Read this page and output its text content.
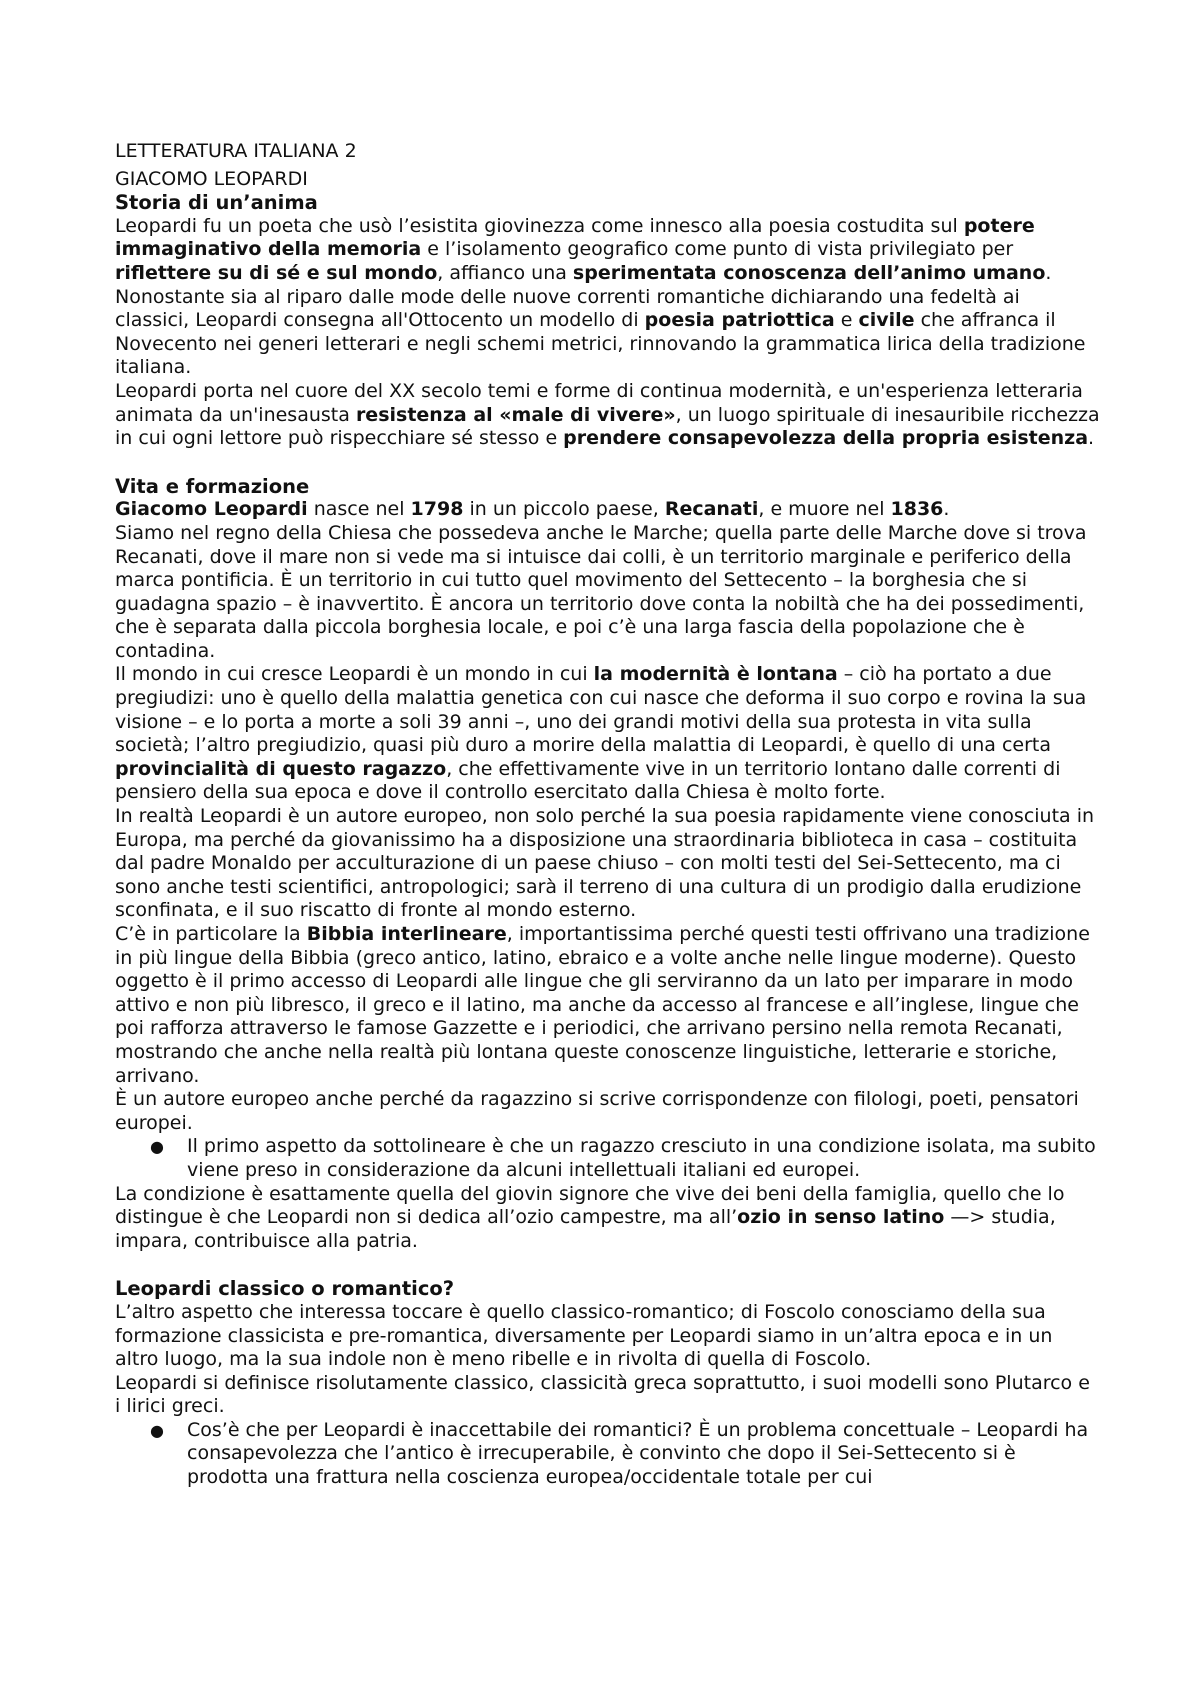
LETTERATURA ITALIANA 2

GIACOMO LEOPARDI

Storia di un’anima

Leopardi fu un poeta che usò l’esistita giovinezza come innesco alla poesia costudita sul potere immaginativo della memoria e l’isolamento geografico come punto di vista privilegiato per riflettere su di sé e sul mondo, affianco una sperimentata conoscenza dell’animo umano.

Nonostante sia al riparo dalle mode delle nuove correnti romantiche dichiarando una fedeltà ai classici, Leopardi consegna all'Ottocento un modello di poesia patriottica e civile che affranca il Novecento nei generi letterari e negli schemi metrici, rinnovando la grammatica lirica della tradizione italiana.

Leopardi porta nel cuore del XX secolo temi e forme di continua modernità, e un'esperienza letteraria animata da un'inesausta resistenza al «male di vivere», un luogo spirituale di inesauribile ricchezza in cui ogni lettore può rispecchiare sé stesso e prendere consapevolezza della propria esistenza.

Vita e formazione

Giacomo Leopardi nasce nel 1798 in un piccolo paese, Recanati, e muore nel 1836.

Siamo nel regno della Chiesa che possedeva anche le Marche; quella parte delle Marche dove si trova Recanati, dove il mare non si vede ma si intuisce dai colli, è un territorio marginale e periferico della marca pontificia. È un territorio in cui tutto quel movimento del Settecento – la borghesia che si guadagna spazio – è inavvertito. È ancora un territorio dove conta la nobiltà che ha dei possedimenti, che è separata dalla piccola borghesia locale, e poi c’è una larga fascia della popolazione che è contadina.

Il mondo in cui cresce Leopardi è un mondo in cui la modernità è lontana – ciò ha portato a due pregiudizi: uno è quello della malattia genetica con cui nasce che deforma il suo corpo e rovina la sua visione – e lo porta a morte a soli 39 anni –, uno dei grandi motivi della sua protesta in vita sulla società; l’altro pregiudizio, quasi più duro a morire della malattia di Leopardi, è quello di una certa provincialità di questo ragazzo, che effettivamente vive in un territorio lontano dalle correnti di pensiero della sua epoca e dove il controllo esercitato dalla Chiesa è molto forte.

In realtà Leopardi è un autore europeo, non solo perché la sua poesia rapidamente viene conosciuta in Europa, ma perché da giovanissimo ha a disposizione una straordinaria biblioteca in casa – costituita dal padre Monaldo per acculturazione di un paese chiuso – con molti testi del Sei-Settecento, ma ci sono anche testi scientifici, antropologici; sarà il terreno di una cultura di un prodigio dalla erudizione sconfinata, e il suo riscatto di fronte al mondo esterno.

C’è in particolare la Bibbia interlineare, importantissima perché questi testi offrivano una tradizione in più lingue della Bibbia (greco antico, latino, ebraico e a volte anche nelle lingue moderne). Questo oggetto è il primo accesso di Leopardi alle lingue che gli serviranno da un lato per imparare in modo attivo e non più libresco, il greco e il latino, ma anche da accesso al francese e all’inglese, lingue che poi rafforza attraverso le famose Gazzette e i periodici, che arrivano persino nella remota Recanati, mostrando che anche nella realtà più lontana queste conoscenze linguistiche, letterarie e storiche, arrivano.

È un autore europeo anche perché da ragazzino si scrive corrispondenze con filologi, poeti, pensatori europei.

● Il primo aspetto da sottolineare è che un ragazzo cresciuto in una condizione isolata, ma subito viene preso in considerazione da alcuni intellettuali italiani ed europei.

La condizione è esattamente quella del giovin signore che vive dei beni della famiglia, quello che lo distingue è che Leopardi non si dedica all’ozio campestre, ma all’ozio in senso latino —> studia, impara, contribuisce alla patria.

Leopardi classico o romantico?

L’altro aspetto che interessa toccare è quello classico-romantico; di Foscolo conosciamo della sua formazione classicista e pre-romantica, diversamente per Leopardi siamo in un’altra epoca e in un altro luogo, ma la sua indole non è meno ribelle e in rivolta di quella di Foscolo.

Leopardi si definisce risolutamente classico, classicità greca soprattutto, i suoi modelli sono Plutarco e i lirici greci.

● Cos’è che per Leopardi è inaccettabile dei romantici? È un problema concettuale – Leopardi ha consapevolezza che l’antico è irrecuperabile, è convinto che dopo il Sei-Settecento si è prodotta una frattura nella coscienza europea/occidentale totale per cui
